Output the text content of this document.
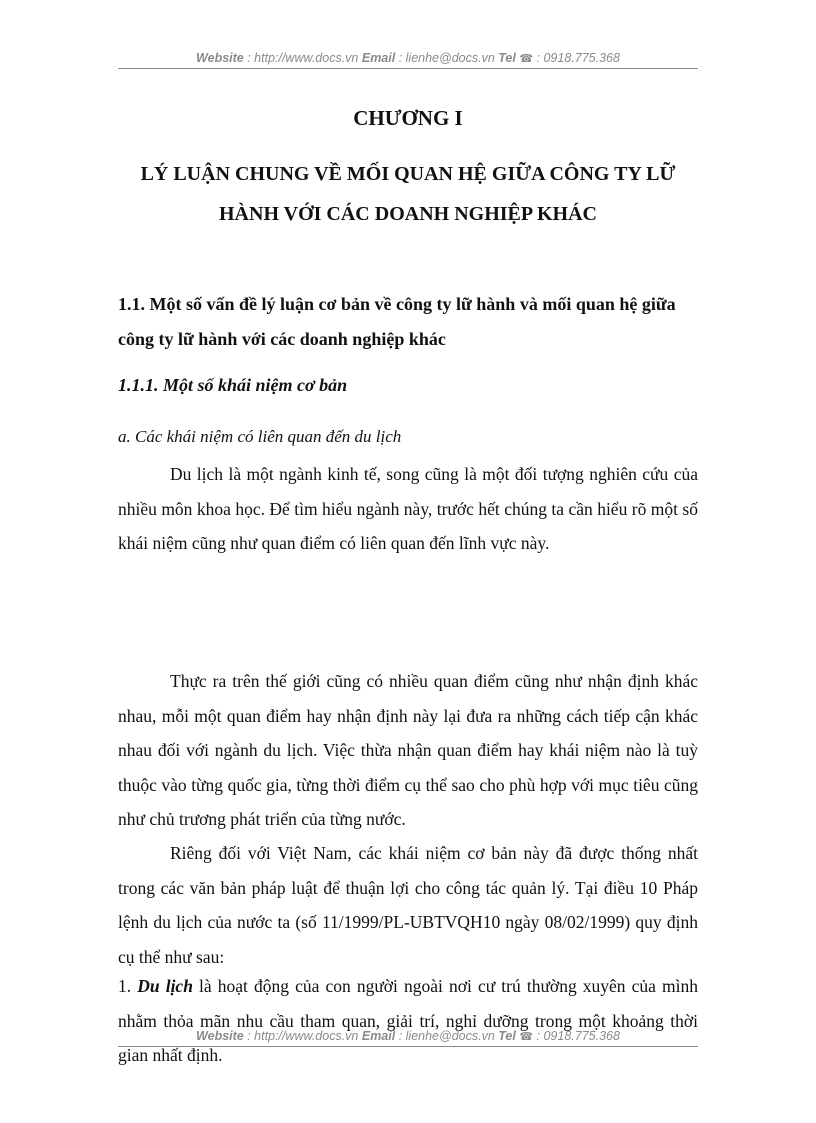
Website : http://www.docs.vn Email : lienhe@docs.vn Tel ☎ : 0918.775.368
CHƯƠNG I
LÝ LUẬN CHUNG VỀ MỐI QUAN HỆ GIỮA CÔNG TY LỮ
HÀNH VỚI CÁC DOANH NGHIỆP KHÁC
1.1. Một số vấn đề lý luận cơ bản về công ty lữ hành và mối quan hệ giữa công ty lữ hành với các doanh nghiệp khác
1.1.1. Một số khái niệm cơ bản

a. Các khái niệm có liên quan đến du lịch

Du lịch là một ngành kinh tế, song cũng là một đối tượng nghiên cứu của nhiều môn khoa học. Để tìm hiểu ngành này, trước hết chúng ta cần hiểu rõ một số khái niệm cũng như quan điểm có liên quan đến lĩnh vực này.

Thực ra trên thế giới cũng có nhiều quan điểm cũng như nhận định khác nhau, mỗi một quan điểm hay nhận định này lại đưa ra những cách tiếp cận khác nhau đối với ngành du lịch. Việc thừa nhận quan điểm hay khái niệm nào là tuỳ thuộc vào từng quốc gia, từng thời điểm cụ thể sao cho phù hợp với mục tiêu cũng như chủ trương phát triển của từng nước.

Riêng đối với Việt Nam, các khái niệm cơ bản này đã được thống nhất trong các văn bản pháp luật để thuận lợi cho công tác quản lý. Tại điều 10 Pháp lệnh du lịch của nước ta (số 11/1999/PL-UBTVQH10 ngày 08/02/1999) quy định cụ thể như sau:

1. Du lịch là hoạt động của con người ngoài nơi cư trú thường xuyên của mình nhằm thỏa mãn nhu cầu tham quan, giải trí, nghỉ dưỡng trong một khoảng thời gian nhất định.

Website : http://www.docs.vn Email : lienhe@docs.vn Tel ☎ : 0918.775.368
